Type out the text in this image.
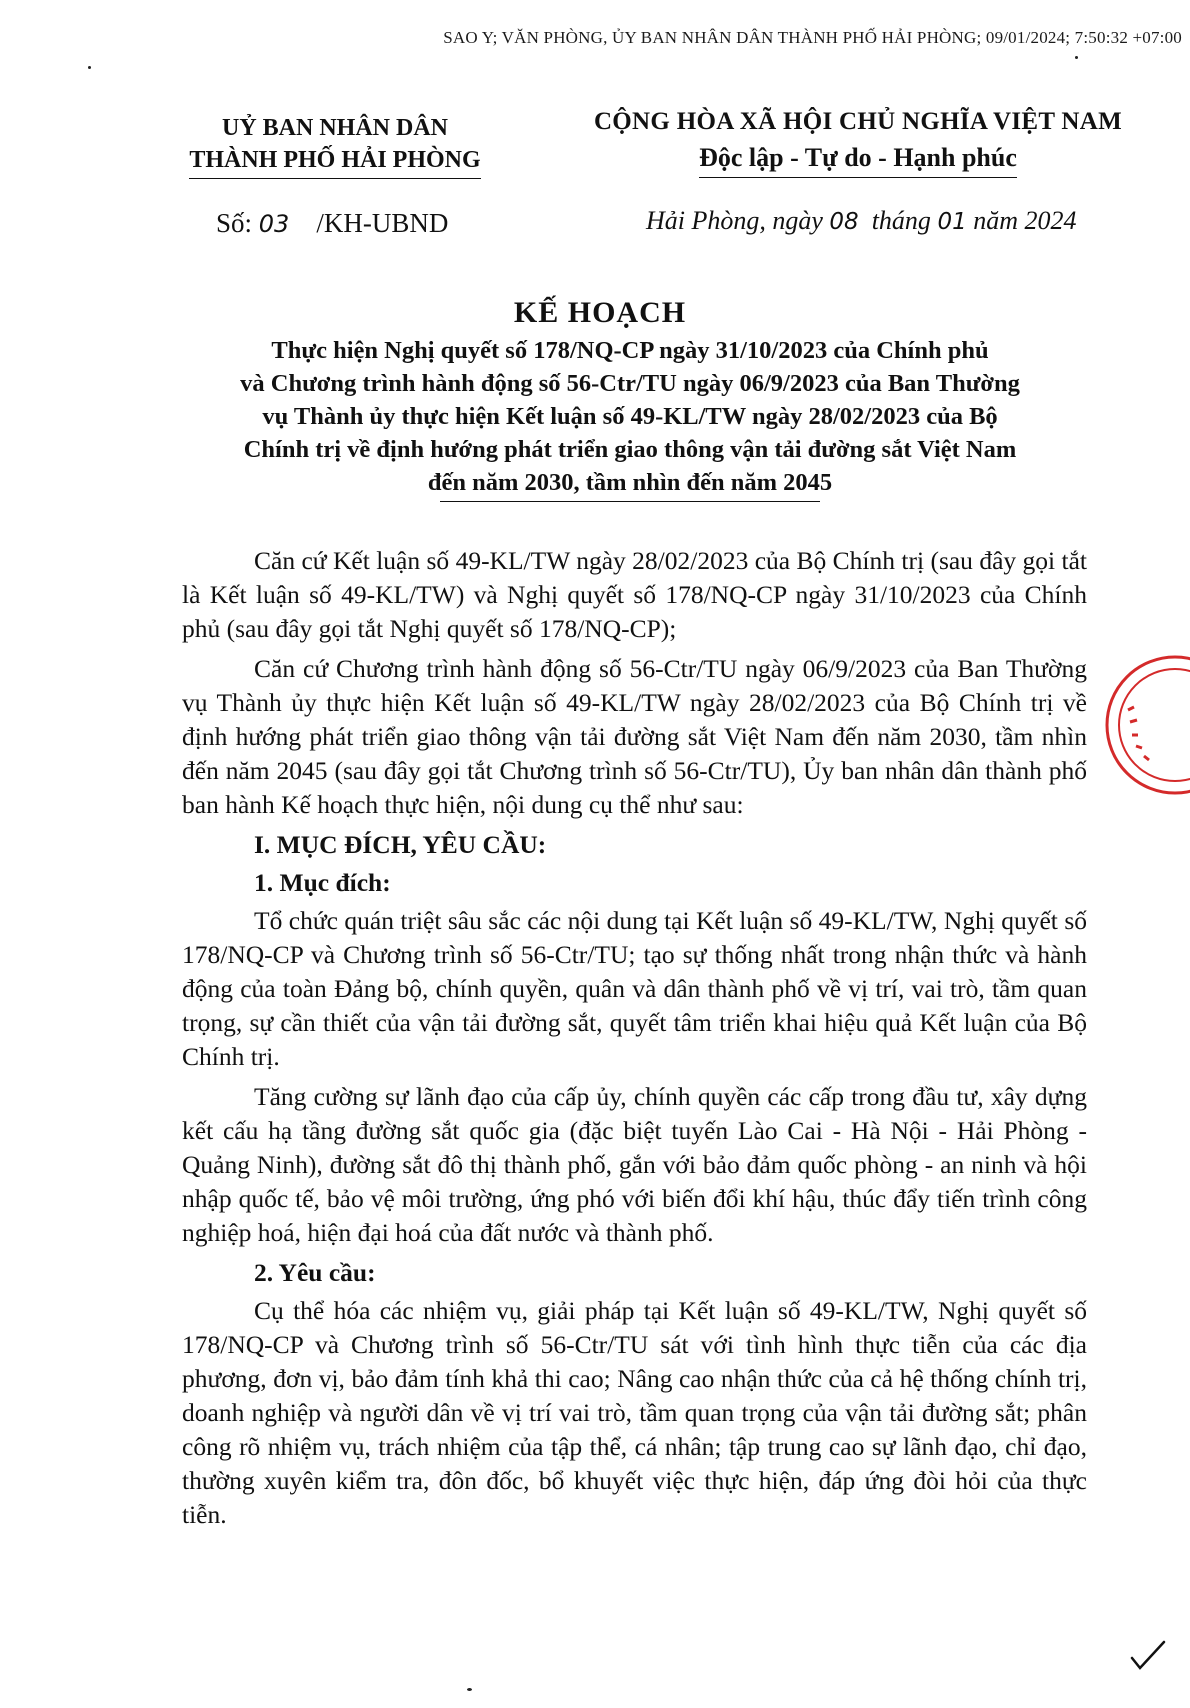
SAO Y; VĂN PHÒNG, ỦY BAN NHÂN DÂN THÀNH PHỐ HẢI PHÒNG; 09/01/2024; 7:50:32 +07:00
UỶ BAN NHÂN DÂN
THÀNH PHỐ HẢI PHÒNG
CỘNG HÒA XÃ HỘI CHỦ NGHĨA VIỆT NAM
Độc lập - Tự do - Hạnh phúc
Số: 03 /KH-UBND	Hải Phòng, ngày 08 tháng 01 năm 2024
KẾ HOẠCH
Thực hiện Nghị quyết số 178/NQ-CP ngày 31/10/2023 của Chính phủ
và Chương trình hành động số 56-Ctr/TU ngày 06/9/2023 của Ban Thường
vụ Thành ủy thực hiện Kết luận số 49-KL/TW ngày 28/02/2023 của Bộ
Chính trị về định hướng phát triển giao thông vận tải đường sắt Việt Nam
đến năm 2030, tầm nhìn đến năm 2045

Căn cứ Kết luận số 49-KL/TW ngày 28/02/2023 của Bộ Chính trị (sau đây gọi tắt là Kết luận số 49-KL/TW) và Nghị quyết số 178/NQ-CP ngày 31/10/2023 của Chính phủ (sau đây gọi tắt Nghị quyết số 178/NQ-CP);

Căn cứ Chương trình hành động số 56-Ctr/TU ngày 06/9/2023 của Ban Thường vụ Thành ủy thực hiện Kết luận số 49-KL/TW ngày 28/02/2023 của Bộ Chính trị về định hướng phát triển giao thông vận tải đường sắt Việt Nam đến năm 2030, tầm nhìn đến năm 2045 (sau đây gọi tắt Chương trình số 56-Ctr/TU), Ủy ban nhân dân thành phố ban hành Kế hoạch thực hiện, nội dung cụ thể như sau:

I. MỤC ĐÍCH, YÊU CẦU:
1. Mục đích:

Tổ chức quán triệt sâu sắc các nội dung tại Kết luận số 49-KL/TW, Nghị quyết số 178/NQ-CP và Chương trình số 56-Ctr/TU; tạo sự thống nhất trong nhận thức và hành động của toàn Đảng bộ, chính quyền, quân và dân thành phố về vị trí, vai trò, tầm quan trọng, sự cần thiết của vận tải đường sắt, quyết tâm triển khai hiệu quả Kết luận của Bộ Chính trị.

Tăng cường sự lãnh đạo của cấp ủy, chính quyền các cấp trong đầu tư, xây dựng kết cấu hạ tầng đường sắt quốc gia (đặc biệt tuyến Lào Cai - Hà Nội - Hải Phòng - Quảng Ninh), đường sắt đô thị thành phố, gắn với bảo đảm quốc phòng - an ninh và hội nhập quốc tế, bảo vệ môi trường, ứng phó với biến đổi khí hậu, thúc đẩy tiến trình công nghiệp hoá, hiện đại hoá của đất nước và thành phố.

2. Yêu cầu:

Cụ thể hóa các nhiệm vụ, giải pháp tại Kết luận số 49-KL/TW, Nghị quyết số 178/NQ-CP và Chương trình số 56-Ctr/TU sát với tình hình thực tiễn của các địa phương, đơn vị, bảo đảm tính khả thi cao; Nâng cao nhận thức của cả hệ thống chính trị, doanh nghiệp và người dân về vị trí vai trò, tầm quan trọng của vận tải đường sắt; phân công rõ nhiệm vụ, trách nhiệm của tập thể, cá nhân; tập trung cao sự lãnh đạo, chỉ đạo, thường xuyên kiểm tra, đôn đốc, bổ khuyết việc thực hiện, đáp ứng đòi hỏi của thực tiễn.
